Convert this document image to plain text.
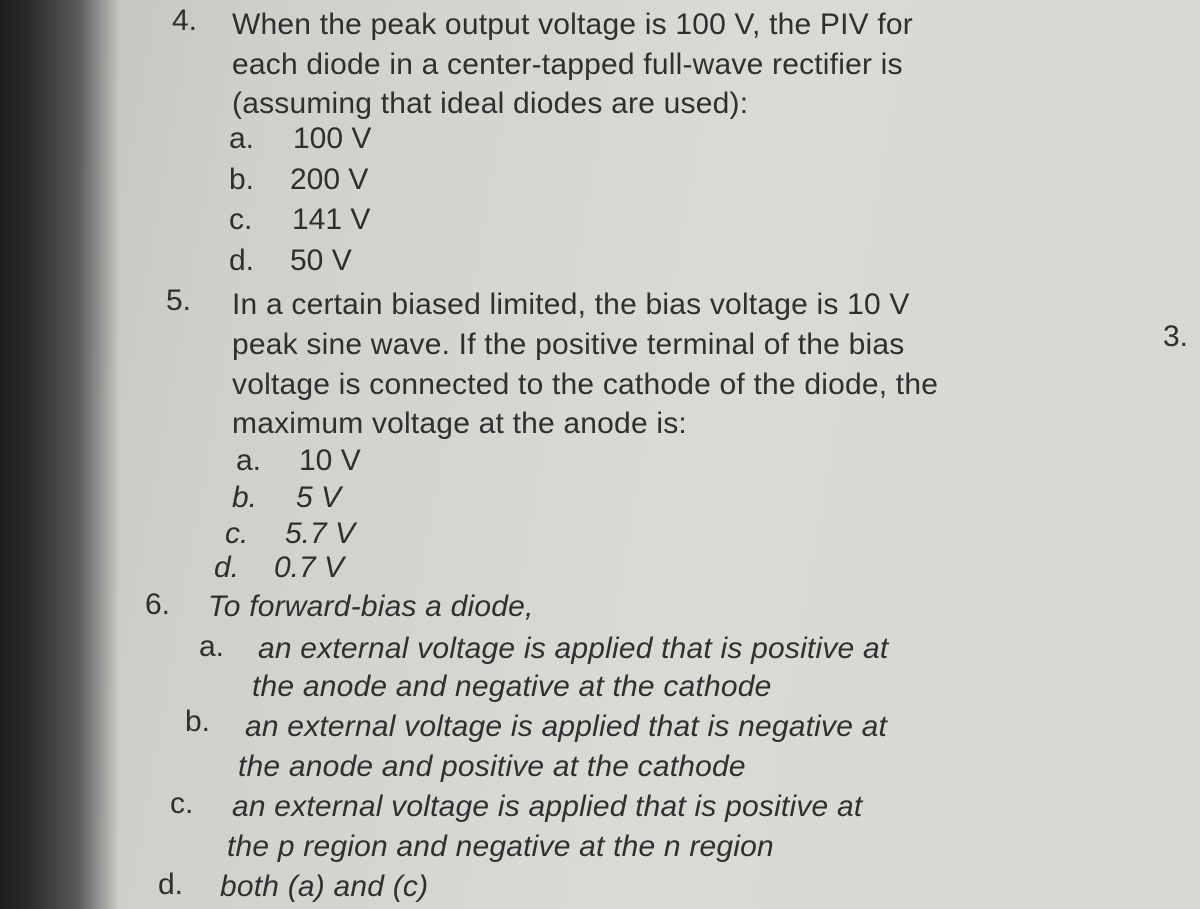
4. When the peak output voltage is 100 V, the PIV for
each diode in a center-tapped full-wave rectifier is
(assuming that ideal diodes are used):
a. 100 V
b. 200 V
c. 141 V
d. 50 V
5. In a certain biased limited, the bias voltage is 10 V
peak sine wave. If the positive terminal of the bias
voltage is connected to the cathode of the diode, the
maximum voltage at the anode is:
a. 10 V
b. 5 V
c. 5.7 V
d. 0.7 V
6. To forward-bias a diode,
a. an external voltage is applied that is positive at
the anode and negative at the cathode
b. an external voltage is applied that is negative at
the anode and positive at the cathode
c. an external voltage is applied that is positive at
the p region and negative at the n region
d. both (a) and (c)
3.
